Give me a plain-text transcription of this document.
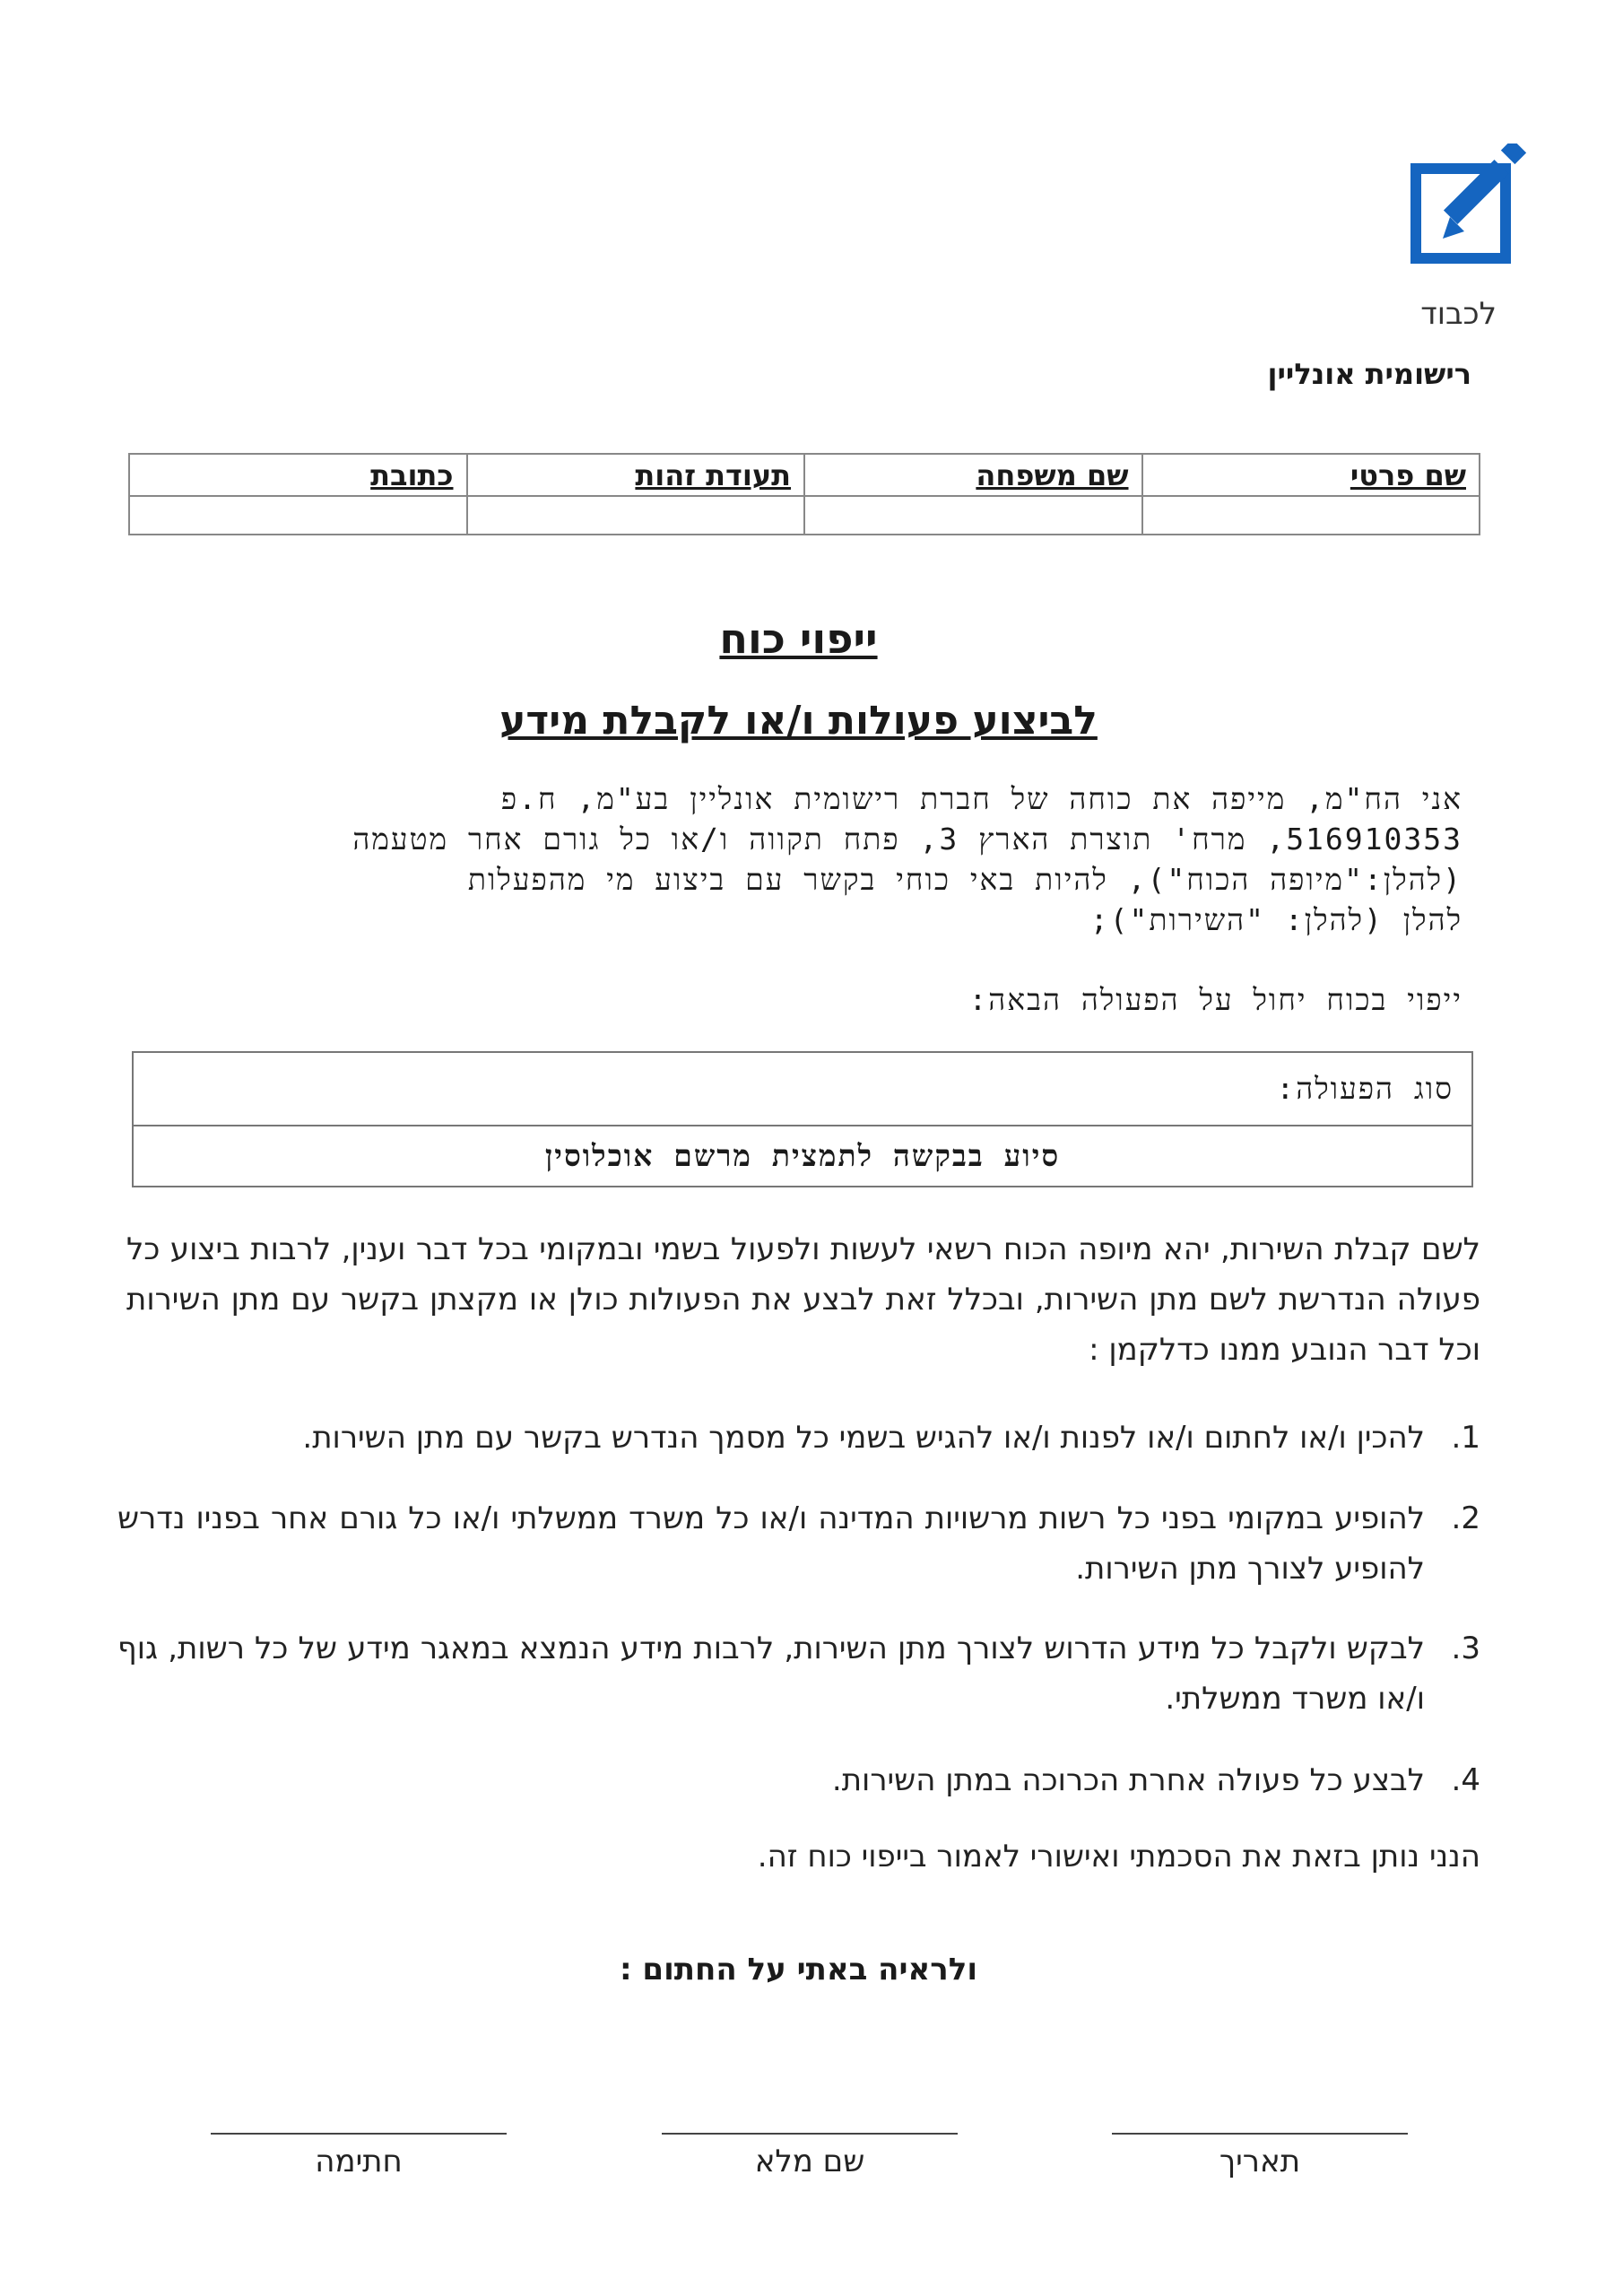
לכבוד
רישומית אונליין
שם פרטי	שם משפחה	תעודת זהות	כתובת

ייפוי כוח
לביצוע פעולות ו/או לקבלת מידע
אני הח"מ, מייפה את כוחה של חברת רישומית אונליין בע"מ, ח.פ
516910353, מרח' תוצרת הארץ 3, פתח תקווה ו/או כל גורם אחר מטעמה
(להלן:"מיופה הכוח"), להיות באי כוחי בקשר עם ביצוע מי מהפעלות
להלן (להלן: "השירות");
ייפוי בכוח יחול על הפעולה הבאה:
סוג הפעולה:
סיוע בבקשה לתמצית מרשם אוכלוסין
לשם קבלת השירות, יהא מיופה הכוח רשאי לעשות ולפעול בשמי ובמקומי בכל דבר וענין, לרבות ביצוע כל פעולה הנדרשת לשם מתן השירות, ובכלל זאת לבצע את הפעולות כולן או מקצתן בקשר עם מתן השירות וכל דבר הנובע ממנו כדלקמן :
1.
להכין ו/או לחתום ו/או לפנות ו/או להגיש בשמי כל מסמך הנדרש בקשר עם מתן השירות.
2.
להופיע במקומי בפני כל רשות מרשויות המדינה ו/או כל משרד ממשלתי ו/או כל גורם אחר בפניו נדרש להופיע לצורך מתן השירות.
3.
לבקש ולקבל כל מידע הדרוש לצורך מתן השירות, לרבות מידע הנמצא במאגר מידע של כל רשות, גוף ו/או משרד ממשלתי.
4.
לבצע כל פעולה אחרת הכרוכה במתן השירות.
הנני נותן בזאת את הסכמתי ואישורי לאמור בייפוי כוח זה.
ולראיה באתי על החתום :
תאריך
שם מלא
חתימה
